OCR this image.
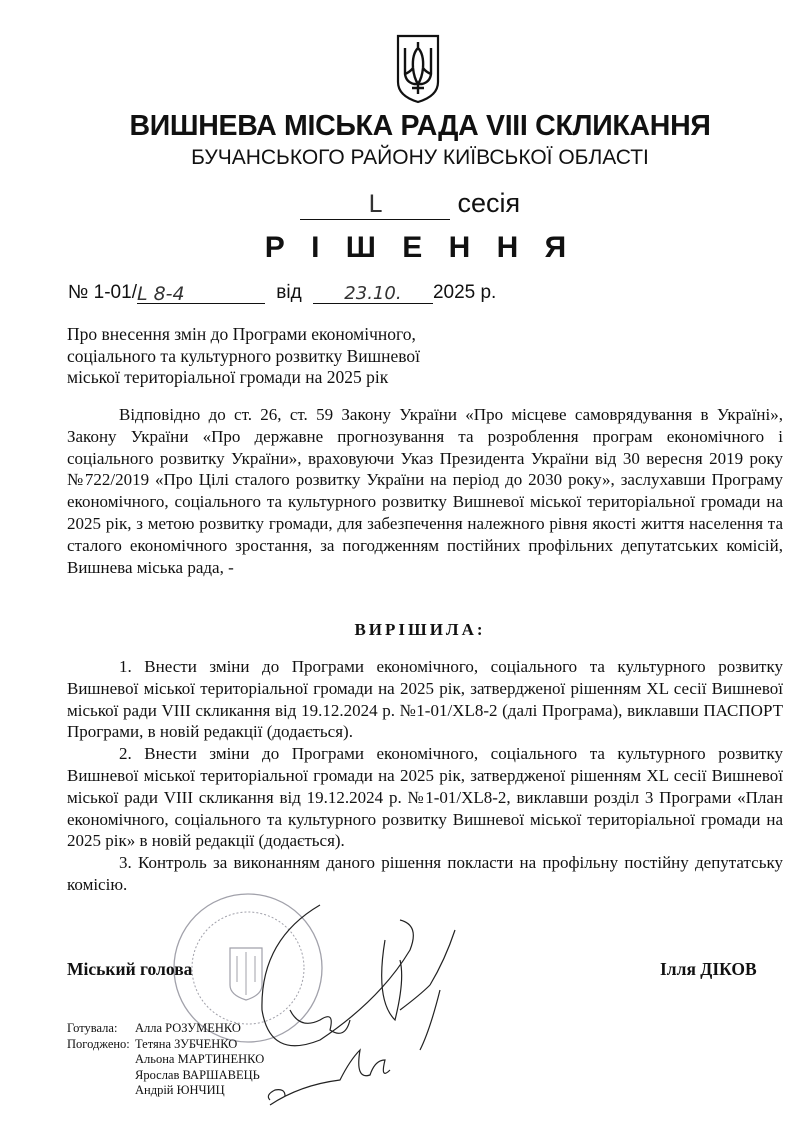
ВИШНЕВА МІСЬКА РАДА VIII СКЛИКАННЯ
БУЧАНСЬКОГО РАЙОНУ КИЇВСЬКОЇ ОБЛАСТІ
L	сесія
Р І Ш Е Н Н Я
№ 1-01/L 8-4	від 23.10. 2025 р.
Про внесення змін до Програми економічного,
соціального та культурного розвитку Вишневої
міської територіальної громади на 2025 рік

Відповідно до ст. 26, ст. 59 Закону України «Про місцеве самоврядування в Україні», Закону України «Про державне прогнозування та розроблення програм економічного і соціального розвитку України», враховуючи Указ Президента України від 30 вересня 2019 року №722/2019 «Про Цілі сталого розвитку України на період до 2030 року», заслухавши Програму економічного, соціального та культурного розвитку Вишневої міської територіальної громади на 2025 рік, з метою розвитку громади, для забезпечення належного рівня якості життя населення та сталого економічного зростання, за погодженням постійних профільних депутатських комісій, Вишнева міська рада, -

ВИРІШИЛА:

1. Внести зміни до Програми економічного, соціального та культурного розвитку Вишневої міської територіальної громади на 2025 рік, затвердженої рішенням XL сесії Вишневої міської ради VIII скликання від 19.12.2024 р. №1-01/XL8-2 (далі Програма), виклавши ПАСПОРТ Програми, в новій редакції (додається).

2. Внести зміни до Програми економічного, соціального та культурного розвитку Вишневої міської територіальної громади на 2025 рік, затвердженої рішенням XL сесії Вишневої міської ради VIII скликання від 19.12.2024 р. №1-01/XL8-2, виклавши розділ 3 Програми «План економічного, соціального та культурного розвитку Вишневої міської територіальної громади на 2025 рік» в новій редакції (додається).

3. Контроль за виконанням даного рішення покласти на профільну постійну депутатську комісію.

Міський голова	Ілля ДІКОВ
Готувала:	Алла РОЗУМЕНКО
Погоджено: Тетяна ЗУБЧЕНКО
Альона МАРТИНЕНКО
Ярослав ВАРШАВЕЦЬ
Андрій ЮНЧИЦ
